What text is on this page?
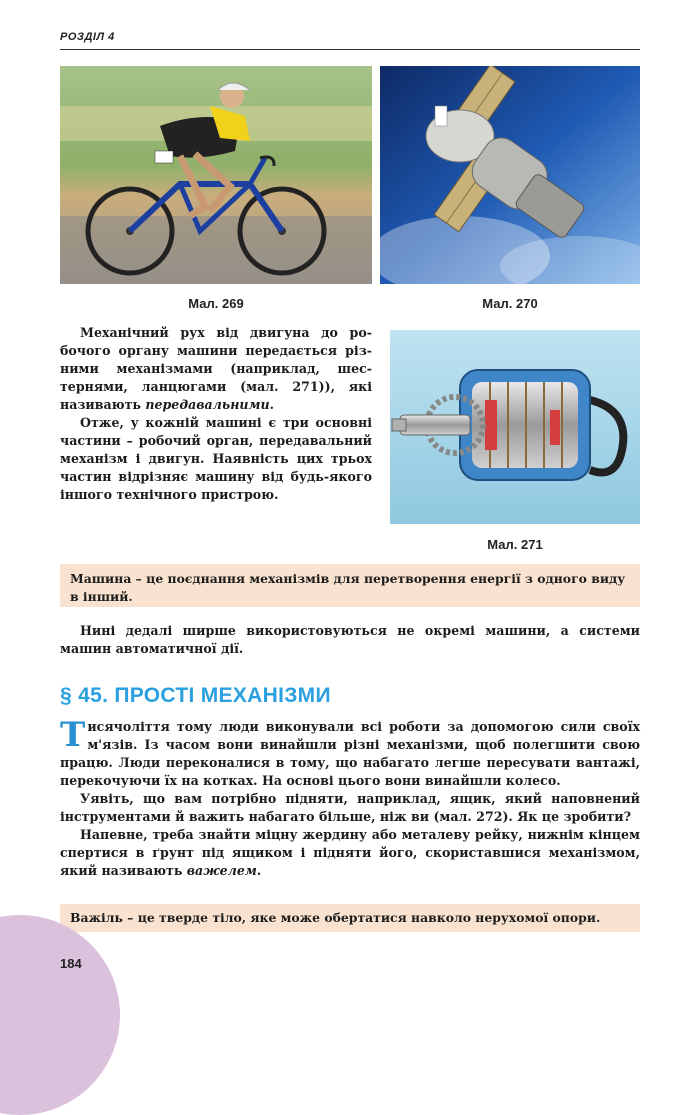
РОЗДІЛ 4
Мал. 269	Мал. 270

Механічний рух від двигуна до робочого органу машини передається різними механізмами (наприклад, шестернями, ланцюгами (мал. 271)), які називають передавальними.

Отже, у кожній машині є три основні частини – робочий орган, передавальний механізм і двигун. Наявність цих трьох частин відрізняє машину від будь-якого іншого технічного пристрою.

Мал. 271
Машина – це поєднання механізмів для перетворення енергії з одного виду в інший.

Нині дедалі ширше використовуються не окремі машини, а системи машин автоматичної дії.

§ 45. ПРОСТІ МЕХАНІЗМИ

Тисячоліття тому люди виконували всі роботи за допомогою сили своїх м'язів. Із часом вони винайшли різні механізми, щоб полегшити свою працю. Люди переконалися в тому, що набагато легше пересувати вантажі, перекочуючи їх на котках. На основі цього вони винайшли колесо.

Уявіть, що вам потрібно підняти, наприклад, ящик, який наповнений інструментами й важить набагато більше, ніж ви (мал. 272). Як це зробити?

Напевне, треба знайти міцну жердину або металеву рейку, нижнім кінцем спертися в ґрунт під ящиком і підняти його, скориставшися механізмом, який називають важелем.

Важіль – це тверде тіло, яке може обертатися навколо нерухомої опори.
184
